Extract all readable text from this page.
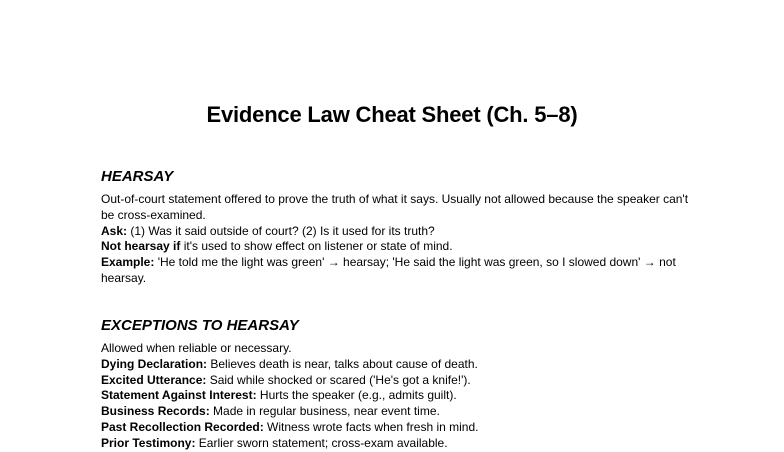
Evidence Law Cheat Sheet (Ch. 5–8)
HEARSAY

Out-of-court statement offered to prove the truth of what it says. Usually not allowed because the speaker can't be cross-examined.

Ask: (1) Was it said outside of court? (2) Is it used for its truth?

Not hearsay if it's used to show effect on listener or state of mind.

Example: 'He told me the light was green' → hearsay; 'He said the light was green, so I slowed down' → not hearsay.

EXCEPTIONS TO HEARSAY

Allowed when reliable or necessary.

Dying Declaration: Believes death is near, talks about cause of death.

Excited Utterance: Said while shocked or scared ('He's got a knife!').

Statement Against Interest: Hurts the speaker (e.g., admits guilt).

Business Records: Made in regular business, near event time.

Past Recollection Recorded: Witness wrote facts when fresh in mind.

Prior Testimony: Earlier sworn statement; cross-exam available.
